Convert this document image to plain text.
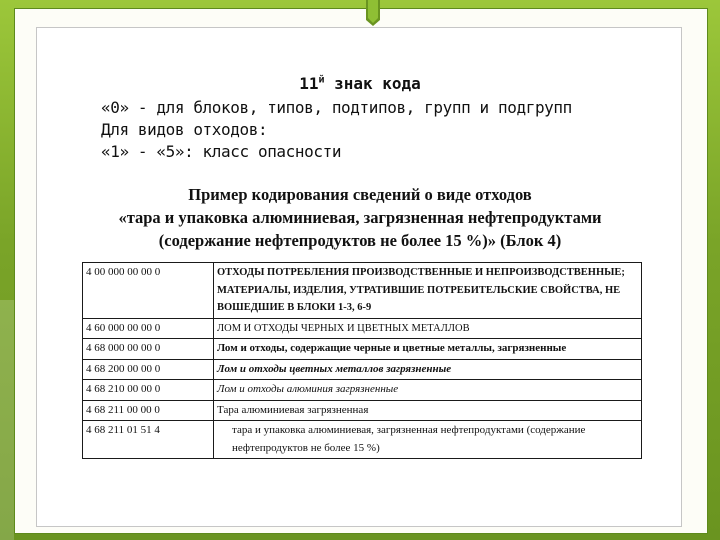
$11^й$ знак кода
«0» - для блоков, типов, подтипов, групп и подгрупп
Для видов отходов:
«1» - «5»: класс опасности
Пример кодирования сведений о виде отходов
«тара и упаковка алюминиевая, загрязненная нефтепродуктами
(содержание нефтепродуктов не более 15 %)» (Блок 4)
4 00 000 00 00 0	ОТХОДЫ ПОТРЕБЛЕНИЯ ПРОИЗВОДСТВЕННЫЕ И НЕПРОИЗВОДСТВЕННЫЕ; МАТЕРИАЛЫ, ИЗДЕЛИЯ, УТРАТИВШИЕ ПОТРЕБИТЕЛЬСКИЕ СВОЙСТВА, НЕ ВОШЕДШИЕ В БЛОКИ 1-3, 6-9
4 60 000 00 00 0	ЛОМ И ОТХОДЫ ЧЕРНЫХ И ЦВЕТНЫХ МЕТАЛЛОВ
4 68 000 00 00 0	Лом и отходы, содержащие черные и цветные металлы, загрязненные
4 68 200 00 00 0	Лом и отходы цветных металлов загрязненные
4 68 210 00 00 0	Лом и отходы алюминия загрязненные
4 68 211 00 00 0	Тара алюминиевая загрязненная
4 68 211 01 51 4	тара и упаковка алюминиевая, загрязненная нефтепродуктами (содержание нефтепродуктов не более 15 %)
